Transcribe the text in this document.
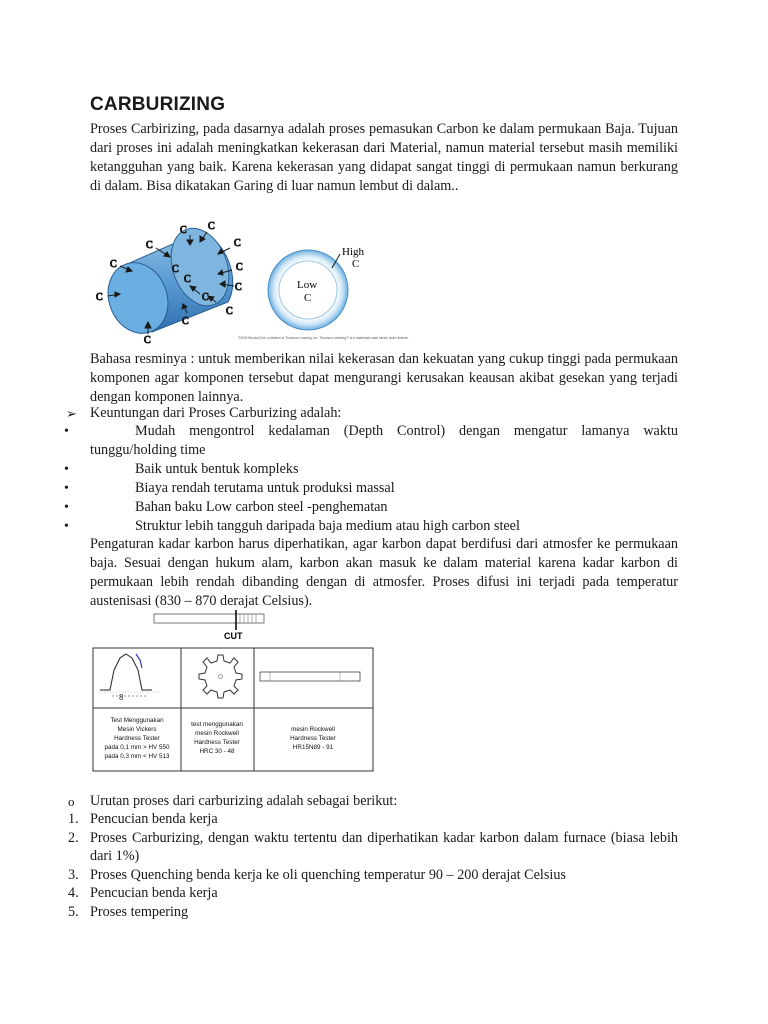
CARBURIZING

Proses Carbirizing, pada dasarnya adalah proses pemasukan Carbon ke dalam permukaan Baja. Tujuan dari proses ini adalah meningkatkan kekerasan dari Material, namun material tersebut masih memiliki ketangguhan yang baik. Karena kekerasan yang didapat sangat tinggi di permukaan namun berkurang di dalam. Bisa dikatakan Garing di luar namun lembut di dalam..

C
C
C
C C
C
C
C
C
C
C
C
C
C
High
C
Low
C
©2003 Brooks/Cole, a division of Thomson Learning, Inc. Thomson Learning™ is a trademark used herein under license.

Bahasa resminya : untuk memberikan nilai kekerasan dan kekuatan yang cukup tinggi pada permukaan komponen agar komponen tersebut dapat mengurangi kerusakan keausan akibat gesekan yang terjadi dengan komponen lainnya.

➢ Keuntungan dari Proses Carburizing adalah:
•	Mudah mengontrol kedalaman (Depth Control) dengan mengatur lamanya waktu tunggu/holding time
•	Baik untuk bentuk kompleks
•	Biaya rendah terutama untuk produksi massal
•	Bahan baku Low carbon steel -penghematan
•	Struktur lebih tangguh daripada baja medium atau high carbon steel

Pengaturan kadar karbon harus diperhatikan, agar karbon dapat berdifusi dari atmosfer ke permukaan baja. Sesuai dengan hukum alam, karbon akan masuk ke dalam material karena kadar karbon di permukaan lebih rendah dibanding dengan di atmosfer. Proses difusi ini terjadi pada temperatur austenisasi (830 – 870 derajat Celsius).

CUT
8
Test Menggunakan
Mesin Vickers
Hardness Tester
pada 0,1 mm > HV 550
pada 0,3 mm < HV 513
test menggunakan
mesin Rockwell
Hardness Tester
HRC 30 - 48
mesin Rockwell
Hardness Tester
HR15N89 - 91
o Urutan proses dari carburizing adalah sebagai berikut:
1. Pencucian benda kerja
2. Proses Carburizing, dengan waktu tertentu dan diperhatikan kadar karbon dalam furnace (biasa lebih dari 1%)
3. Proses Quenching benda kerja ke oli quenching temperatur 90 – 200 derajat Celsius
4. Pencucian benda kerja
5. Proses tempering
